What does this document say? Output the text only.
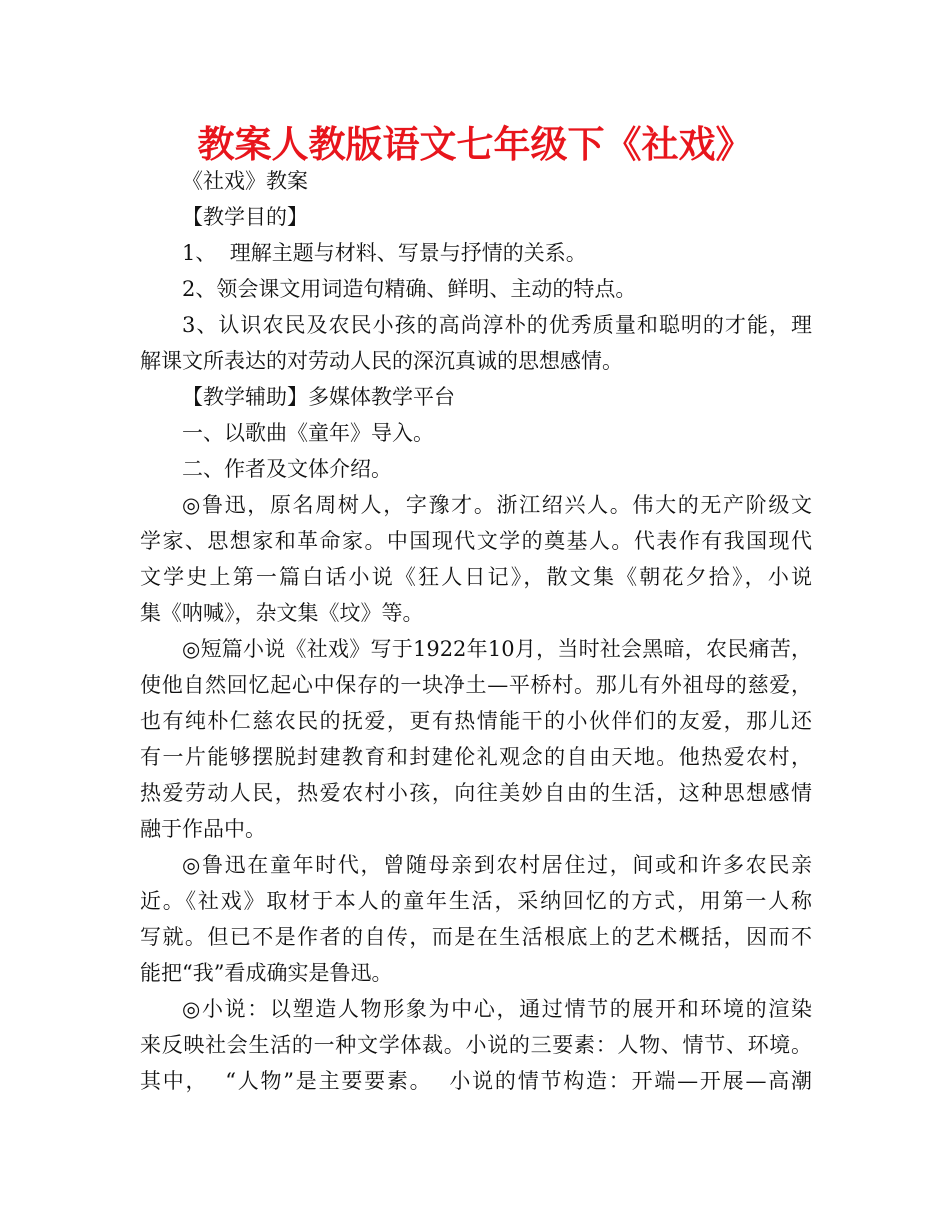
教案人教版语文七年级下《社戏》
《社戏》教案
【教学目的】
1、  理解主题与材料、写景与抒情的关系。
2、领会课文用词造句精确、鲜明、主动的特点。
3、认识农民及农民小孩的高尚淳朴的优秀质量和聪明的才能，理
解课文所表达的对劳动人民的深沉真诚的思想感情。
【教学辅助】多媒体教学平台
一、以歌曲《童年》导入。
二、作者及文体介绍。
◎鲁迅，原名周树人，字豫才。浙江绍兴人。伟大的无产阶级文
学家、思想家和革命家。中国现代文学的奠基人。代表作有我国现代
文学史上第一篇白话小说《狂人日记》，散文集《朝花夕拾》，小说
集《呐喊》，杂文集《坟》等。
◎短篇小说《社戏》写于1922年10月，当时社会黑暗，农民痛苦，
使他自然回忆起心中保存的一块净土—平桥村。那儿有外祖母的慈爱，
也有纯朴仁慈农民的抚爱，更有热情能干的小伙伴们的友爱，那儿还
有一片能够摆脱封建教育和封建伦礼观念的自由天地。他热爱农村，
热爱劳动人民，热爱农村小孩，向往美妙自由的生活，这种思想感情
融于作品中。
◎鲁迅在童年时代，曾随母亲到农村居住过，间或和许多农民亲
近。《社戏》取材于本人的童年生活，采纳回忆的方式，用第一人称
写就。但已不是作者的自传，而是在生活根底上的艺术概括，因而不
能把“我”看成确实是鲁迅。
◎小说：以塑造人物形象为中心，通过情节的展开和环境的渲染
来反映社会生活的一种文学体裁。小说的三要素：人物、情节、环境。
其中，  “人物”是主要要素。  小说的情节构造：开端—开展—高潮
